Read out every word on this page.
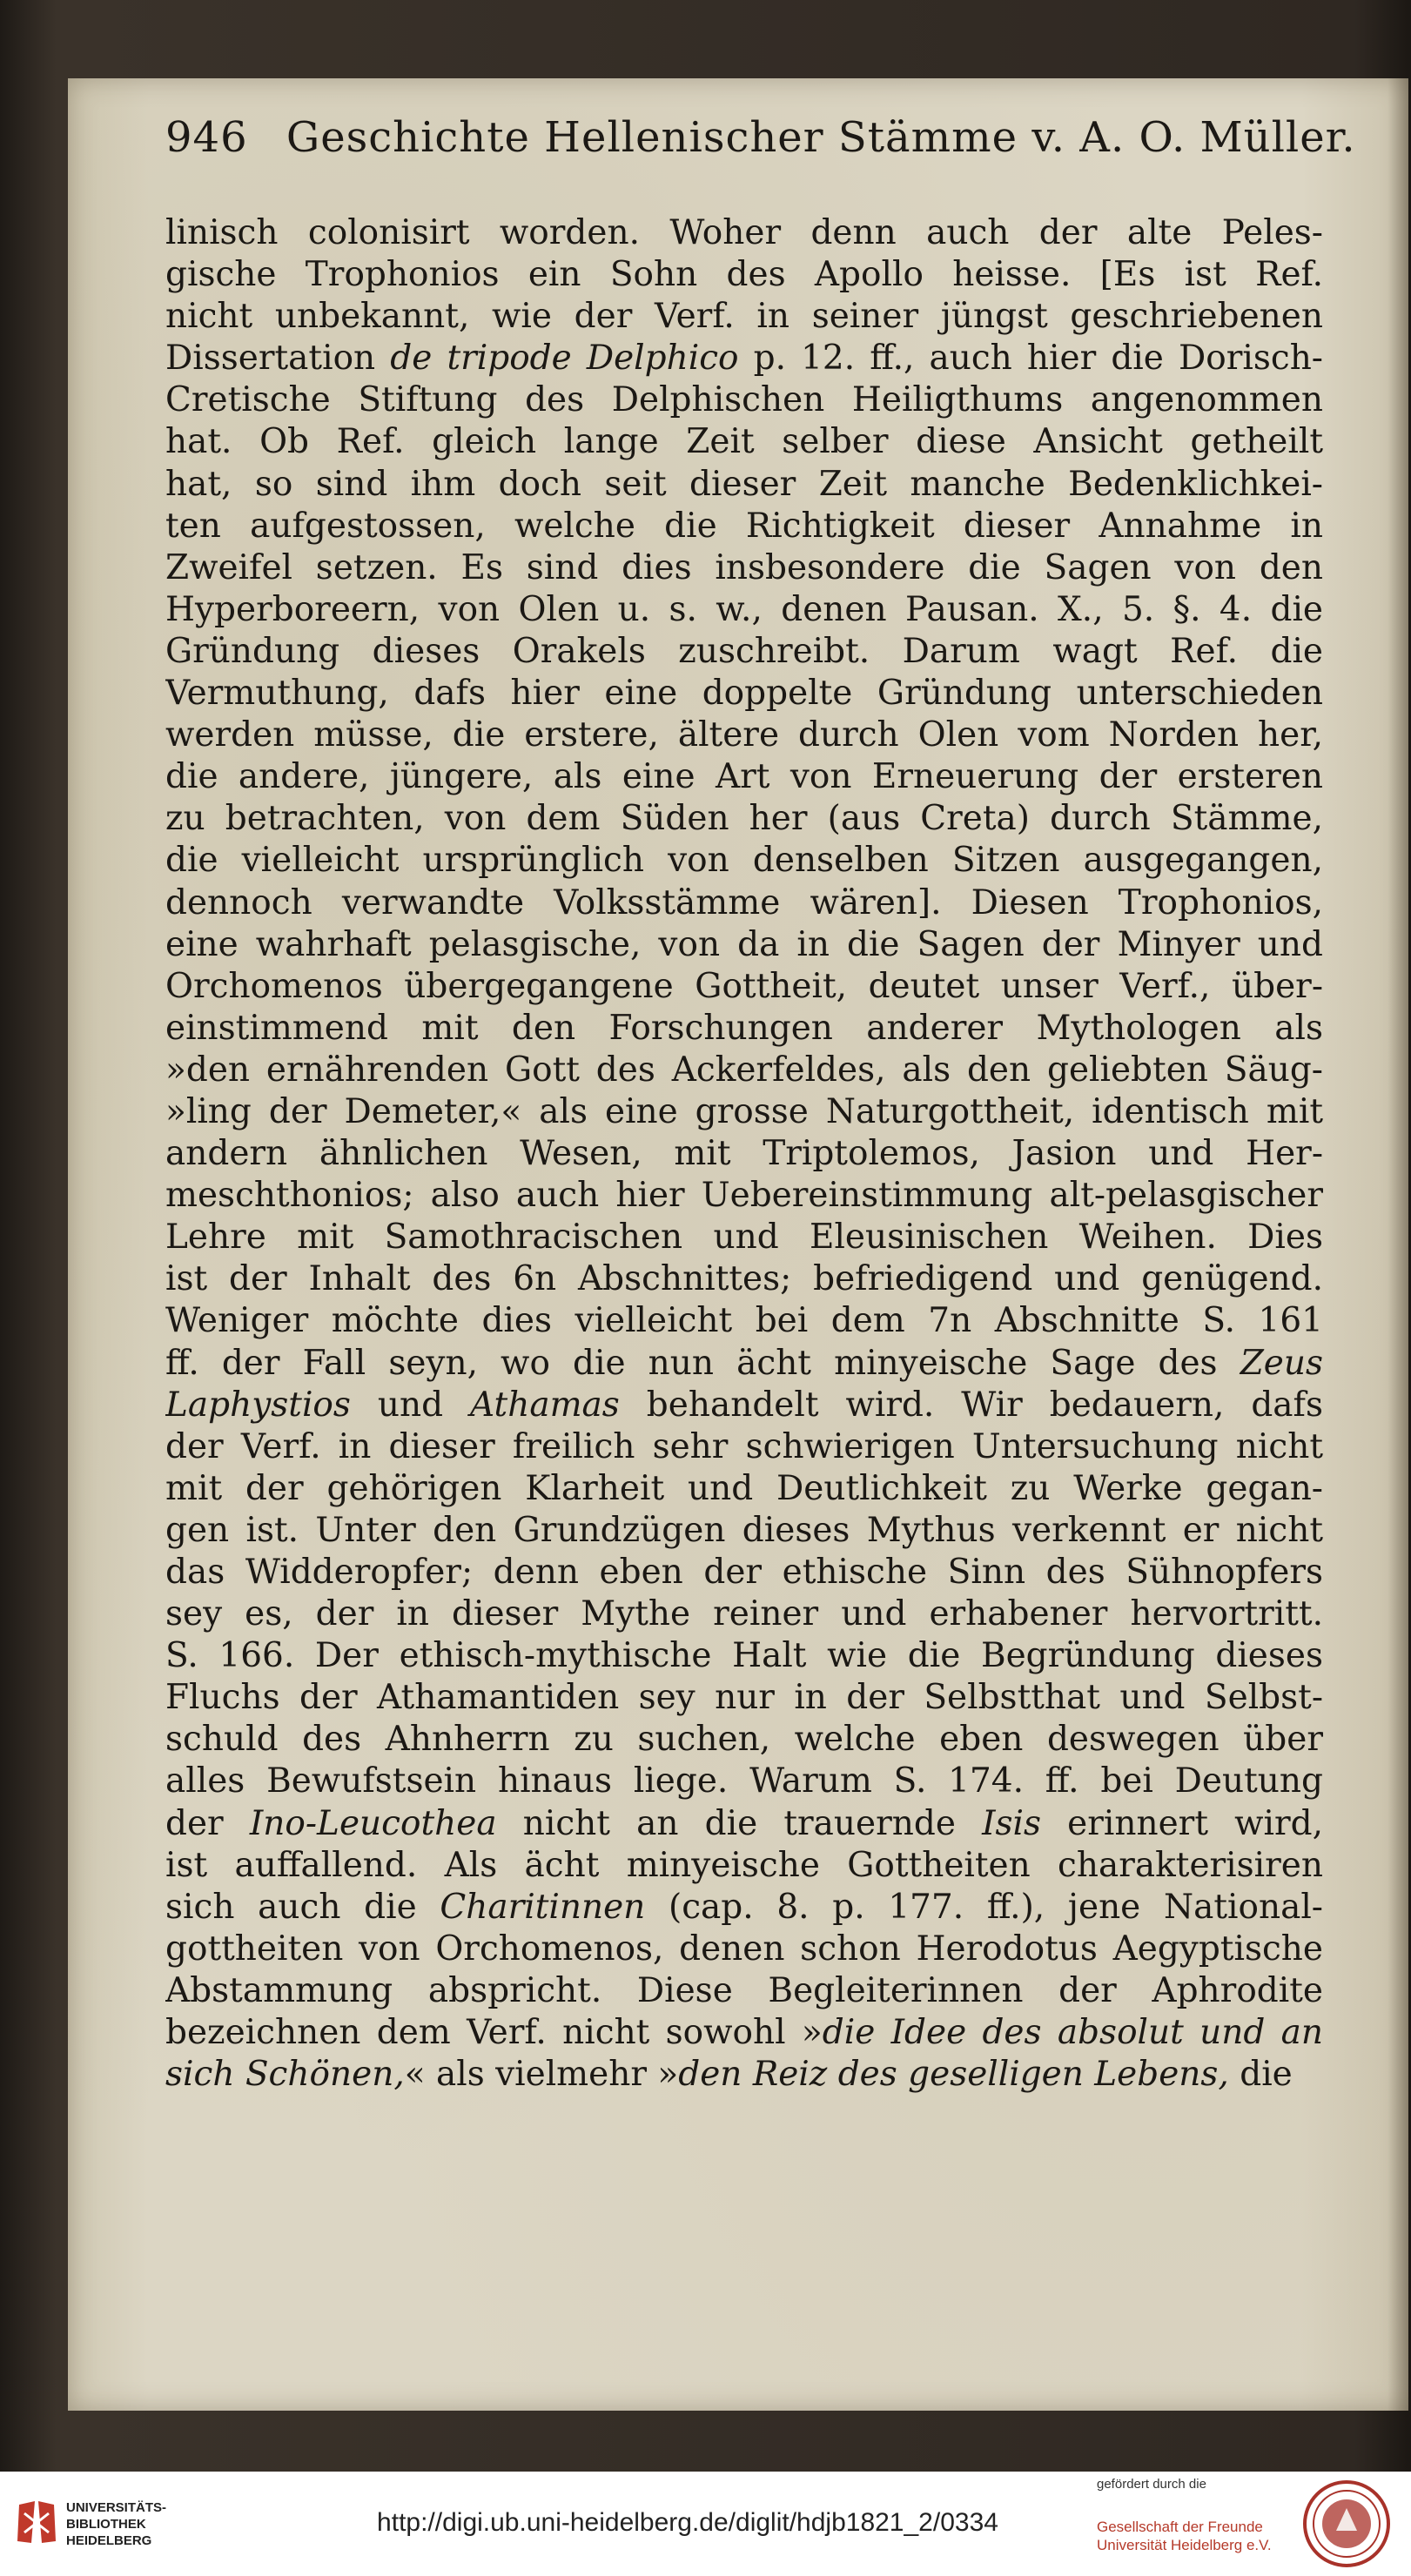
946 Geschichte Hellenischer Stämme v. A. O. Müller.
linisch colonisirt worden. Woher denn auch der alte Peles-
gische Trophonios ein Sohn des Apollo heisse. [Es ist Ref.
nicht unbekannt, wie der Verf. in seiner jüngst geschriebenen
Dissertation de tripode Delphico p. 12. ff., auch hier die Dorisch-
Cretische Stiftung des Delphischen Heiligthums angenommen
hat. Ob Ref. gleich lange Zeit selber diese Ansicht getheilt
hat, so sind ihm doch seit dieser Zeit manche Bedenklichkei-
ten aufgestossen, welche die Richtigkeit dieser Annahme in
Zweifel setzen. Es sind dies insbesondere die Sagen von den
Hyperboreern, von Olen u. s. w., denen Pausan. X., 5. §. 4. die
Gründung dieses Orakels zuschreibt. Darum wagt Ref. die
Vermuthung, dafs hier eine doppelte Gründung unterschieden
werden müsse, die erstere, ältere durch Olen vom Norden her,
die andere, jüngere, als eine Art von Erneuerung der ersteren
zu betrachten, von dem Süden her (aus Creta) durch Stämme,
die vielleicht ursprünglich von denselben Sitzen ausgegangen,
dennoch verwandte Volksstämme wären]. Diesen Trophonios,
eine wahrhaft pelasgische, von da in die Sagen der Minyer und
Orchomenos übergegangene Gottheit, deutet unser Verf., über-
einstimmend mit den Forschungen anderer Mythologen als
»den ernährenden Gott des Ackerfeldes, als den geliebten Säug-
»ling der Demeter,« als eine grosse Naturgottheit, identisch mit
andern ähnlichen Wesen, mit Triptolemos, Jasion und Her-
meschthonios; also auch hier Uebereinstimmung alt-pelasgischer
Lehre mit Samothracischen und Eleusinischen Weihen. Dies
ist der Inhalt des 6n Abschnittes; befriedigend und genügend.
Weniger möchte dies vielleicht bei dem 7n Abschnitte S. 161
ff. der Fall seyn, wo die nun ächt minyeische Sage des Zeus
Laphystios und Athamas behandelt wird. Wir bedauern, dafs
der Verf. in dieser freilich sehr schwierigen Untersuchung nicht
mit der gehörigen Klarheit und Deutlichkeit zu Werke gegan-
gen ist. Unter den Grundzügen dieses Mythus verkennt er nicht
das Widderopfer; denn eben der ethische Sinn des Sühnopfers
sey es, der in dieser Mythe reiner und erhabener hervortritt.
S. 166. Der ethisch-mythische Halt wie die Begründung dieses
Fluchs der Athamantiden sey nur in der Selbstthat und Selbst-
schuld des Ahnherrn zu suchen, welche eben deswegen über
alles Bewufstsein hinaus liege. Warum S. 174. ff. bei Deutung
der Ino-Leucothea nicht an die trauernde Isis erinnert wird,
ist auffallend. Als ächt minyeische Gottheiten charakterisiren
sich auch die Charitinnen (cap. 8. p. 177. ff.), jene National-
gottheiten von Orchomenos, denen schon Herodotus Aegyptische
Abstammung abspricht. Diese Begleiterinnen der Aphrodite
bezeichnen dem Verf. nicht sowohl »die Idee des absolut und an
sich Schönen,« als vielmehr »den Reiz des geselligen Lebens, die
UNIVERSITÄTS-
BIBLIOTHEK
HEIDELBERG
http://digi.ub.uni-heidelberg.de/diglit/hdjb1821_2/0334
gefördert durch die
Gesellschaft der Freunde
Universität Heidelberg e.V.
